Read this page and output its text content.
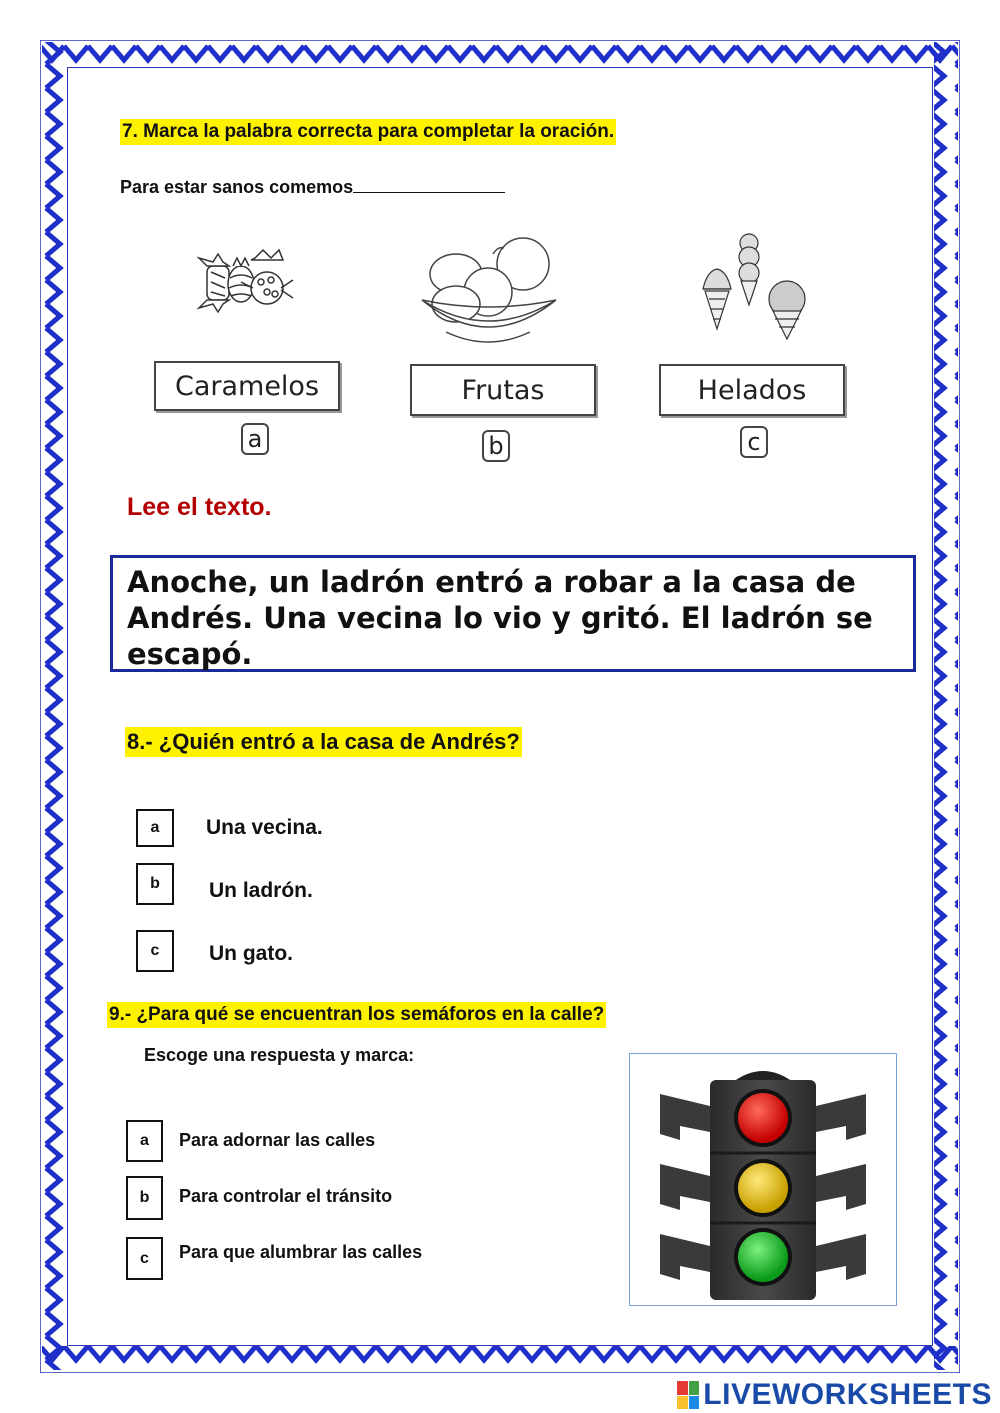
7. Marca la palabra correcta para completar la oración.
Para estar sanos comemos
Caramelos	Frutas	Helados
a	b	c
Lee el texto.

Anoche, un ladrón entró a robar a la casa de Andrés. Una vecina lo vio y gritó. El ladrón se escapó.

8.- ¿Quién entró a la casa de Andrés?
a Una vecina.
b Un ladrón.
c Un gato.
9.- ¿Para qué se encuentran los semáforos en la calle?
Escoge una respuesta y marca:
a Para adornar las calles
b Para controlar el tránsito
c Para que alumbrar las calles
LIVEWORKSHEETS
